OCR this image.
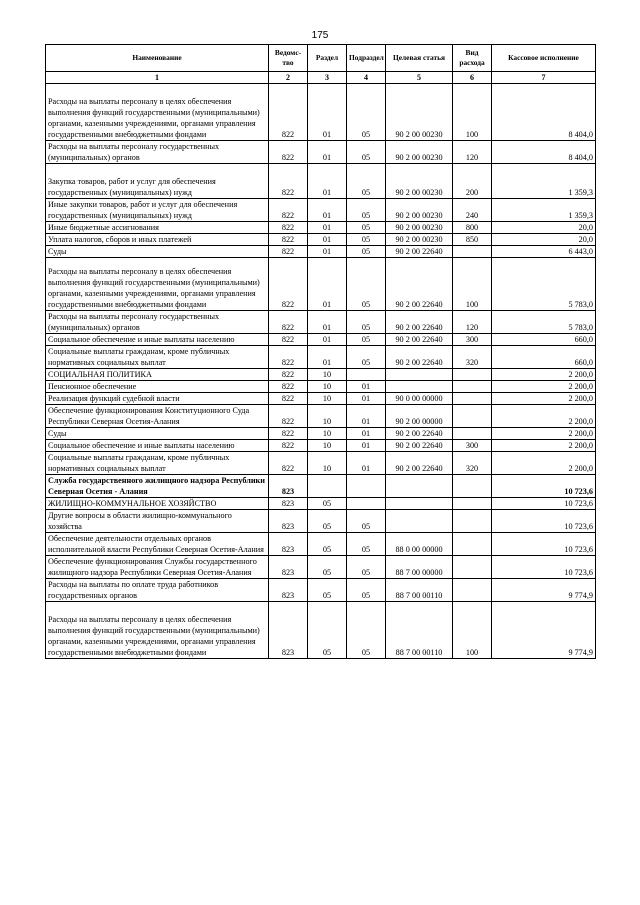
175
Наименование	Ведомс-тво	Раздел	Подраздел	Целевая статья	Вид расхода	Кассовое исполнение
1	2	3	4	5	6	7

Расходы на выплаты персоналу в целях обеспечения выполнения функций государственными (муниципальными) органами, казенными учреждениями, органами управления государственными внебюджетными фондами	822	01	05	90 2 00 00230	100	8 404,0
Расходы на выплаты персоналу государственных (муниципальных) органов	822	01	05	90 2 00 00230	120	8 404,0

Закупка товаров, работ и услуг для обеспечения государственных (муниципальных) нужд	822	01	05	90 2 00 00230	200	1 359,3
Иные закупки товаров, работ и услуг для обеспечения государственных (муниципальных) нужд	822	01	05	90 2 00 00230	240	1 359,3
Иные бюджетные ассигнования	822	01	05	90 2 00 00230	800	20,0
Уплата налогов, сборов и иных платежей	822	01	05	90 2 00 00230	850	20,0
Суды	822	01	05	90 2 00 22640		6 443,0

Расходы на выплаты персоналу в целях обеспечения выполнения функций государственными (муниципальными) органами, казенными учреждениями, органами управления государственными внебюджетными фондами	822	01	05	90 2 00 22640	100	5 783,0
Расходы на выплаты персоналу государственных (муниципальных) органов	822	01	05	90 2 00 22640	120	5 783,0
Социальное обеспечение и иные выплаты населению	822	01	05	90 2 00 22640	300	660,0
Социальные выплаты гражданам, кроме публичных нормативных социальных выплат	822	01	05	90 2 00 22640	320	660,0
СОЦИАЛЬНАЯ ПОЛИТИКА	822	10				2 200,0
Пенсионное обеспечение	822	10	01			2 200,0
Реализация функций судебной власти	822	10	01	90 0 00 00000		2 200,0
Обеспечение функционирования Конституционного Суда Республики Северная Осетия-Алания	822	10	01	90 2 00 00000		2 200,0
Суды	822	10	01	90 2 00 22640		2 200,0
Социальное обеспечение и иные выплаты населению	822	10	01	90 2 00 22640	300	2 200,0
Социальные выплаты гражданам, кроме публичных нормативных социальных выплат	822	10	01	90 2 00 22640	320	2 200,0
Служба государственного жилищного надзора Республики Северная Осетия - Алания	823					10 723,6
ЖИЛИЩНО-КОММУНАЛЬНОЕ ХОЗЯЙСТВО	823	05				10 723,6
Другие вопросы в области жилищно-коммунального хозяйства	823	05	05			10 723,6
Обеспечение деятельности отдельных органов исполнительной власти Республики Северная Осетия-Алания	823	05	05	88 0 00 00000		10 723,6
Обеспечение функционирования Службы государственного жилищного надзора Республики Северная Осетия-Алания	823	05	05	88 7 00 00000		10 723,6
Расходы на выплаты по оплате труда работников государственных органов	823	05	05	88 7 00 00110		9 774,9

Расходы на выплаты персоналу в целях обеспечения выполнения функций государственными (муниципальными) органами, казенными учреждениями, органами управления государственными внебюджетными фондами	823	05	05	88 7 00 00110	100	9 774,9
